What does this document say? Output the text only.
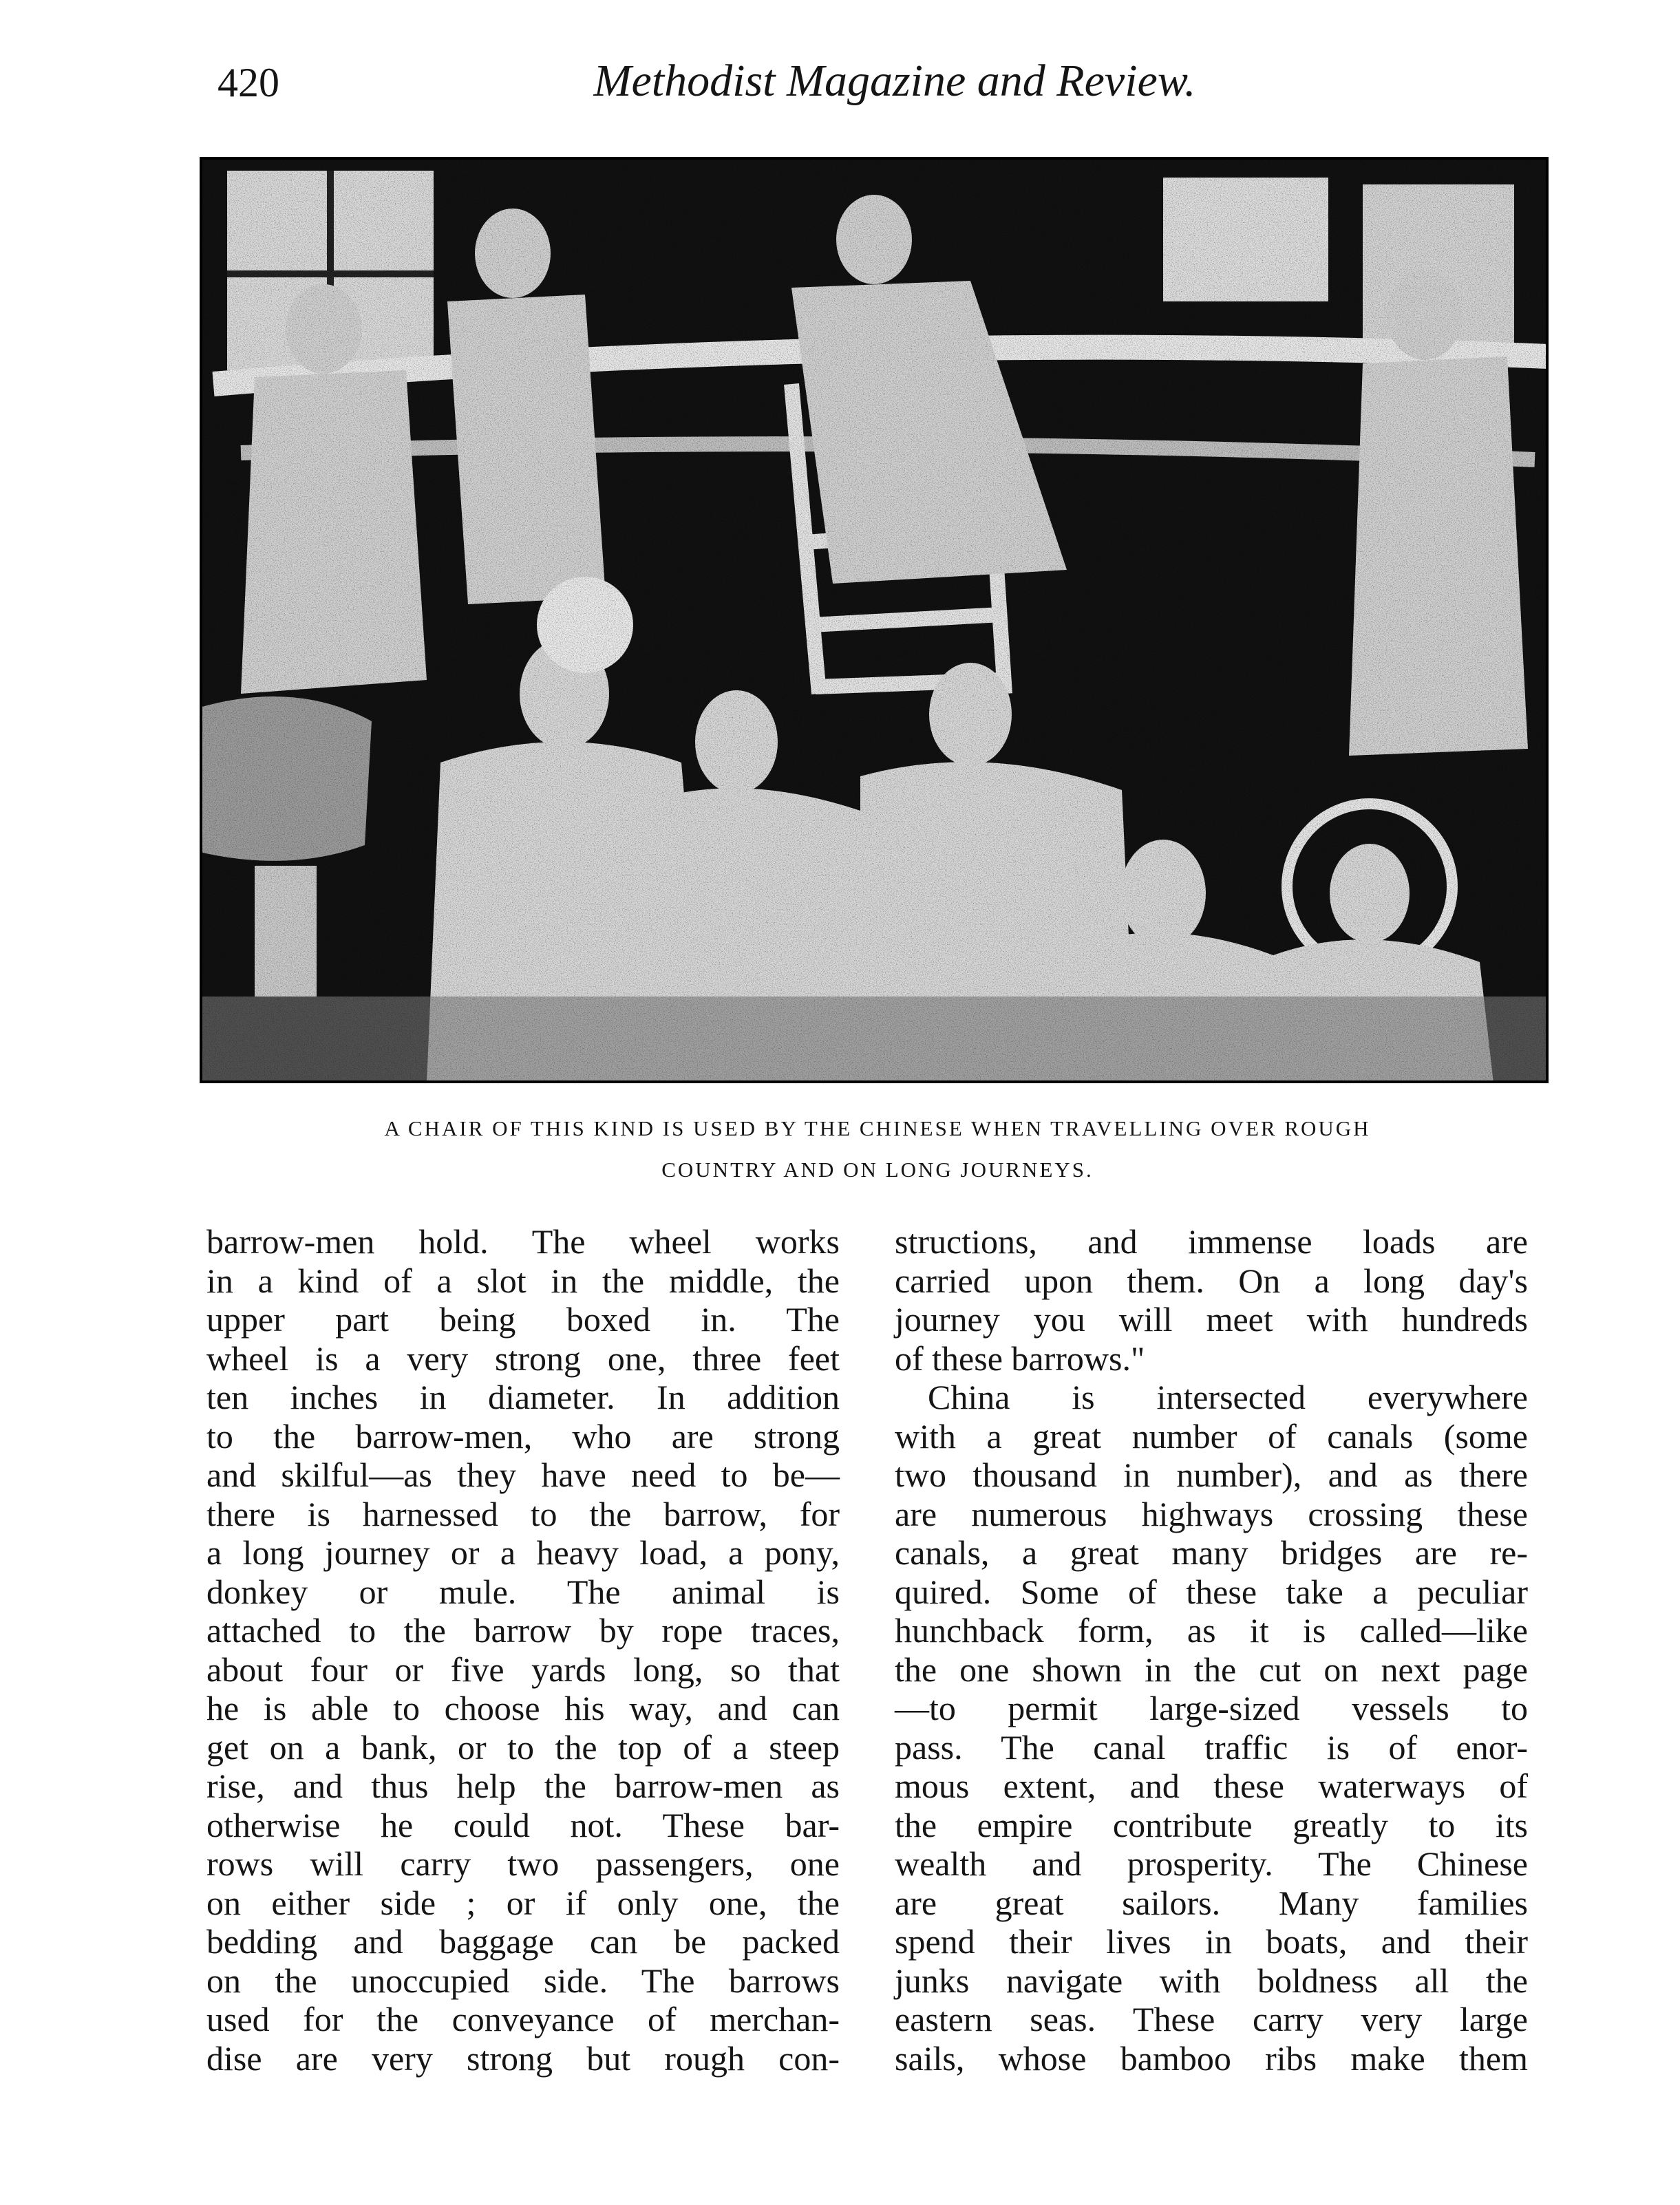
420	Methodist Magazine and Review.
A CHAIR OF THIS KIND IS USED BY THE CHINESE WHEN TRAVELLING OVER ROUGH
COUNTRY AND ON LONG JOURNEYS.
barrow-men hold. The wheel works
in a kind of a slot in the middle, the
upper part being boxed in. The
wheel is a very strong one, three feet
ten inches in diameter. In addition
to the barrow-men, who are strong
and skilful—as they have need to be—
there is harnessed to the barrow, for
a long journey or a heavy load, a pony,
donkey or mule. The animal is
attached to the barrow by rope traces,
about four or five yards long, so that
he is able to choose his way, and can
get on a bank, or to the top of a steep
rise, and thus help the barrow-men as
otherwise he could not. These bar-
rows will carry two passengers, one
on either side ; or if only one, the
bedding and baggage can be packed
on the unoccupied side. The barrows
used for the conveyance of merchan-
dise are very strong but rough con-
structions, and immense loads are
carried upon them. On a long day's
journey you will meet with hundreds
of these barrows."
China is intersected everywhere
with a great number of canals (some
two thousand in number), and as there
are numerous highways crossing these
canals, a great many bridges are re-
quired. Some of these take a peculiar
hunchback form, as it is called—like
the one shown in the cut on next page
—to permit large-sized vessels to
pass. The canal traffic is of enor-
mous extent, and these waterways of
the empire contribute greatly to its
wealth and prosperity. The Chinese
are great sailors. Many families
spend their lives in boats, and their
junks navigate with boldness all the
eastern seas. These carry very large
sails, whose bamboo ribs make them
